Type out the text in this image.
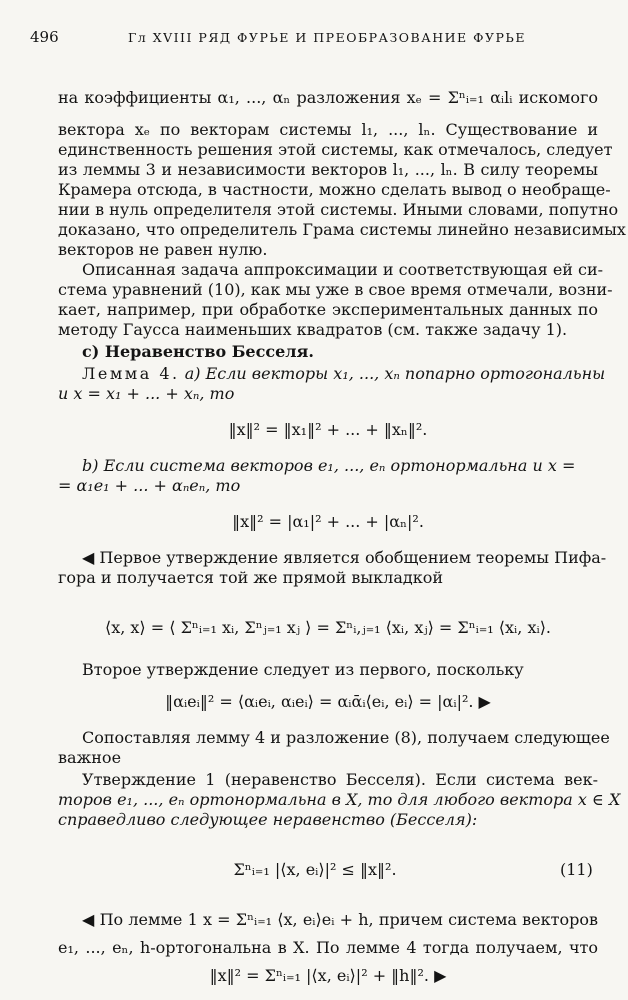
496	Гл XVIII РЯД ФУРЬЕ И ПРЕОБРАЗОВАНИЕ ФУРЬЕ
на коэффициенты α₁, ..., αₙ разложения xₑ = Σⁿᵢ₌₁ αᵢlᵢ искомого
вектора xₑ по векторам системы l₁, ..., lₙ. Существование и
единственность решения этой системы, как отмечалось, следует
из леммы 3 и независимости векторов l₁, ..., lₙ. В силу теоремы
Крамера отсюда, в частности, можно сделать вывод о необраще-
нии в нуль определителя этой системы. Иными словами, попутно
доказано, что определитель Грама системы линейно независимых
векторов не равен нулю.
Описанная задача аппроксимации и соответствующая ей си-
стема уравнений (10), как мы уже в свое время отмечали, возни-
кает, например, при обработке экспериментальных данных по
методу Гаусса наименьших квадратов (см. также задачу 1).
c) Неравенство Бесселя.
Лемма 4. a) Если векторы x₁, ..., xₙ попарно ортогональны
и x = x₁ + ... + xₙ, то
‖x‖² = ‖x₁‖² + ... + ‖xₙ‖².
b) Если система векторов e₁, ..., eₙ ортонормальна и x =
= α₁e₁ + ... + αₙeₙ, то
‖x‖² = |α₁|² + ... + |αₙ|².
◀ Первое утверждение является обобщением теоремы Пифа-
гора и получается той же прямой выкладкой
⟨x, x⟩ = ⟨ Σⁿᵢ₌₁ xᵢ, Σⁿⱼ₌₁ xⱼ ⟩ = Σⁿᵢ,ⱼ₌₁ ⟨xᵢ, xⱼ⟩ = Σⁿᵢ₌₁ ⟨xᵢ, xᵢ⟩.
Второе утверждение следует из первого, поскольку
‖αᵢeᵢ‖² = ⟨αᵢeᵢ, αᵢeᵢ⟩ = αᵢᾱᵢ⟨eᵢ, eᵢ⟩ = |αᵢ|². ▶
Сопоставляя лемму 4 и разложение (8), получаем следующее
важное
Утверждение 1 (неравенство Бесселя). Если система век-
торов e₁, ..., eₙ ортонормальна в X, то для любого вектора x ∈ X
справедливо следующее неравенство (Бесселя):
Σⁿᵢ₌₁ |⟨x, eᵢ⟩|² ≤ ‖x‖².	(11)
◀ По лемме 1 x = Σⁿᵢ₌₁ ⟨x, eᵢ⟩eᵢ + h, причем система векторов
e₁, ..., eₙ, h-ортогональна в X. По лемме 4 тогда получаем, что
‖x‖² = Σⁿᵢ₌₁ |⟨x, eᵢ⟩|² + ‖h‖². ▶
